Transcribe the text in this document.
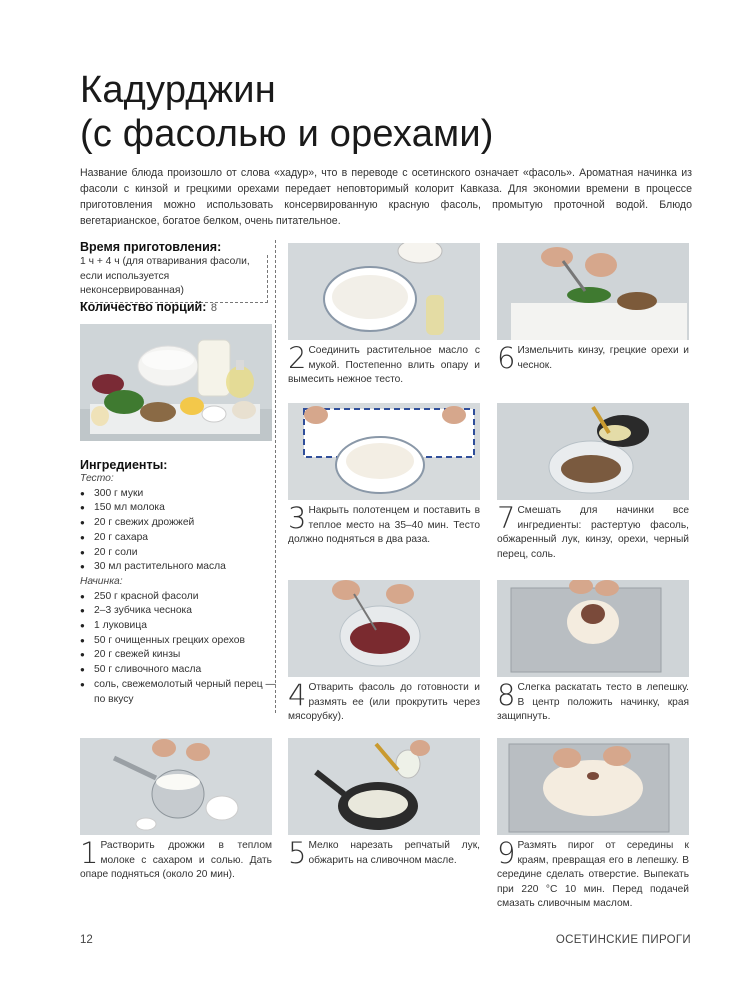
Кадурджин
(с фасолью и орехами)

Название блюда произошло от слова «хадур», что в переводе с осетинского означает «фасоль». Ароматная начинка из фасоли с кинзой и грецкими орехами передает неповторимый колорит Кавказа. Для экономии времени в процессе приготовления можно использовать консервированную красную фасоль, промытую проточной водой. Блюдо вегетарианское, богатое белком, очень питательное.

Время приготовления:
1 ч + 4 ч (для отваривания фасоли, если используется неконсервированная)
Количество порций: 8
Ингредиенты:
Тесто:
● 300 г муки
● 150 мл молока
● 20 г свежих дрожжей
● 20 г сахара
● 20 г соли
● 30 мл растительного масла
Начинка:
● 250 г красной фасоли
● 2–3 зубчика чеснока
● 1 луковица
● 50 г очищенных грецких орехов
● 20 г свежей кинзы
● 50 г сливочного масла
● соль, свежемолотый черный перец — по вкусу

2 Соединить растительное масло с мукой. Постепенно влить опару и вымесить нежное тесто.

6 Измельчить кинзу, грецкие орехи и чеснок.

3 Накрыть полотенцем и поставить в теплое место на 35–40 мин. Тесто должно подняться в два раза.

7 Смешать для начинки все ингредиенты: растертую фасоль, обжаренный лук, кинзу, орехи, черный перец, соль.

4 Отварить фасоль до готовности и размять ее (или прокрутить через мясорубку).

8 Слегка раскатать тесто в лепешку. В центр положить начинку, края защипнуть.

1 Растворить дрожжи в теплом молоке с сахаром и солью. Дать опаре подняться (около 20 мин).

5 Мелко нарезать репчатый лук, обжарить на сливочном масле.	9 Размять пирог от середины к краям, превращая его в лепешку. В середине сделать отверстие. Выпекать при 220 °С 10 мин. Перед подачей смазать сливочным маслом.

12	ОСЕТИНСКИЕ ПИРОГИ
